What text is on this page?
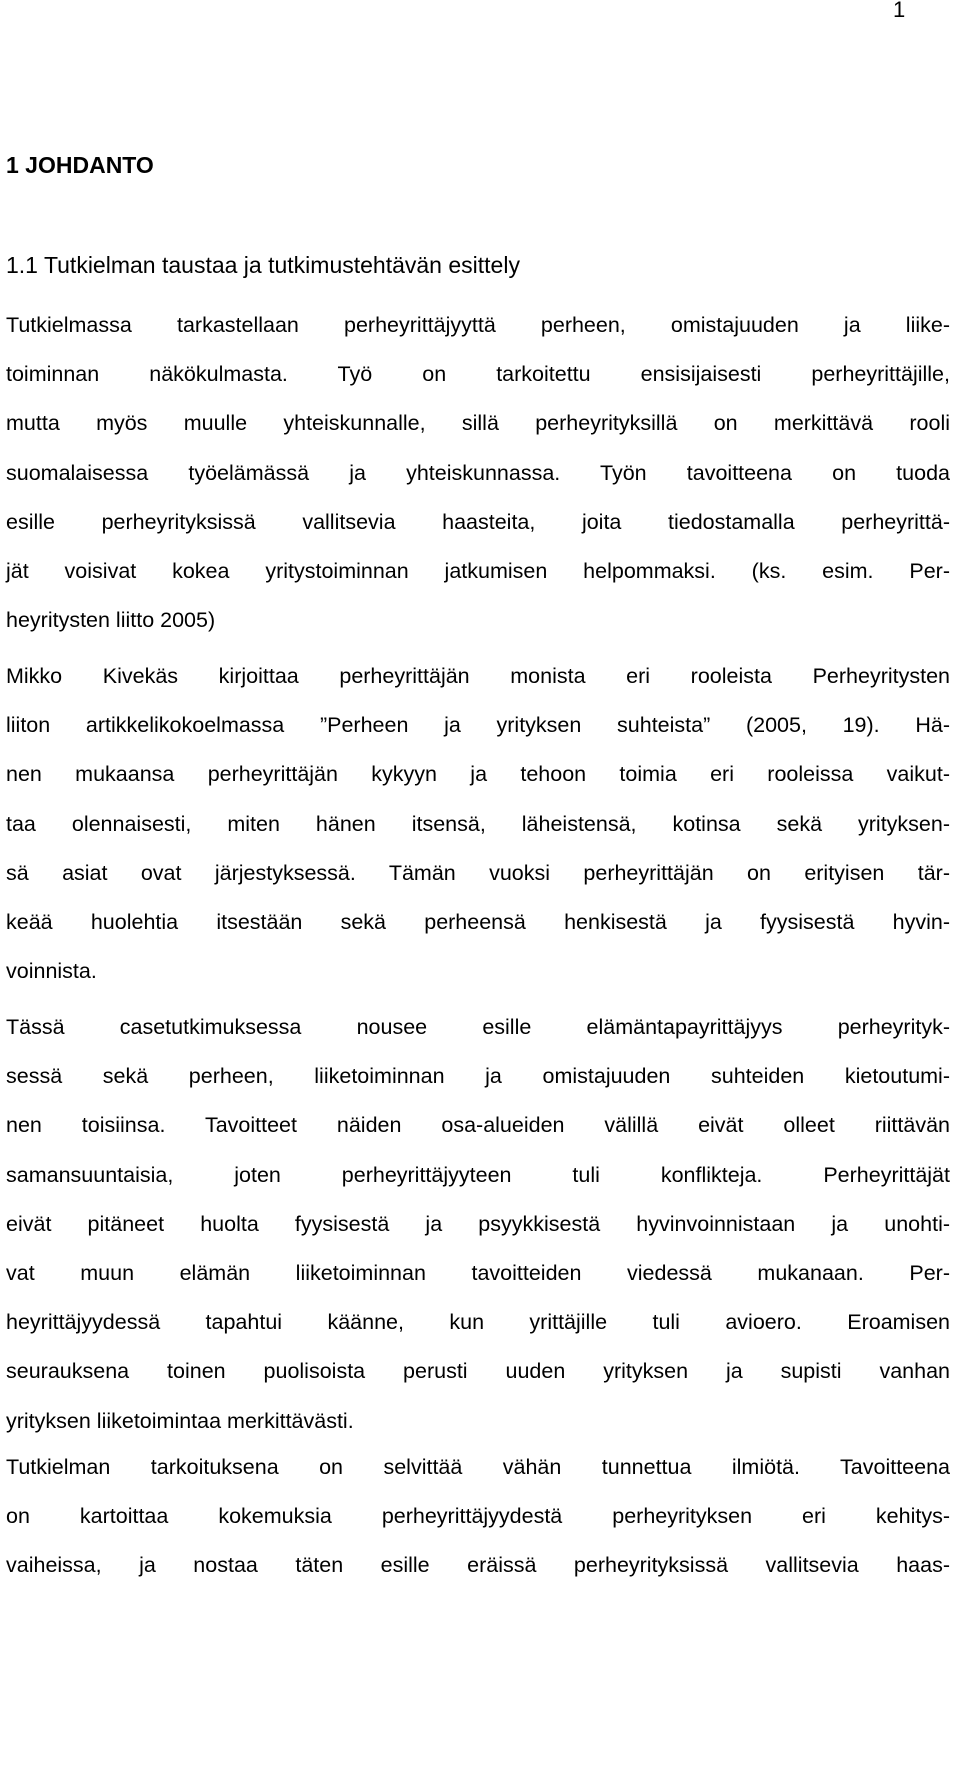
1
1 JOHDANTO
1.1 Tutkielman taustaa ja tutkimustehtävän esittely
Tutkielmassa tarkastellaan perheyrittäjyyttä perheen, omistajuuden ja liike-
toiminnan näkökulmasta. Työ on tarkoitettu ensisijaisesti perheyrittäjille,
mutta myös muulle yhteiskunnalle, sillä perheyrityksillä on merkittävä rooli
suomalaisessa työelämässä ja yhteiskunnassa. Työn tavoitteena on tuoda
esille perheyrityksissä vallitsevia haasteita, joita tiedostamalla perheyrittä-
jät voisivat kokea yritystoiminnan jatkumisen helpommaksi. (ks. esim. Per-
heyritysten liitto 2005)
Mikko Kivekäs kirjoittaa perheyrittäjän monista eri rooleista Perheyritysten
liiton artikkelikokoelmassa ”Perheen ja yrityksen suhteista” (2005, 19). Hä-
nen mukaansa perheyrittäjän kykyyn ja tehoon toimia eri rooleissa vaikut-
taa olennaisesti, miten hänen itsensä, läheistensä, kotinsa sekä yrityksen-
sä asiat ovat järjestyksessä. Tämän vuoksi perheyrittäjän on erityisen tär-
keää huolehtia itsestään sekä perheensä henkisestä ja fyysisestä hyvin-
voinnista.
Tässä casetutkimuksessa nousee esille elämäntapayrittäjyys perheyrityk-
sessä sekä perheen, liiketoiminnan ja omistajuuden suhteiden kietoutumi-
nen toisiinsa. Tavoitteet näiden osa-alueiden välillä eivät olleet riittävän
samansuuntaisia, joten perheyrittäjyyteen tuli konflikteja. Perheyrittäjät
eivät pitäneet huolta fyysisestä ja psyykkisestä hyvinvoinnistaan ja unohti-
vat muun elämän liiketoiminnan tavoitteiden viedessä mukanaan. Per-
heyrittäjyydessä tapahtui käänne, kun yrittäjille tuli avioero. Eroamisen
seurauksena toinen puolisoista perusti uuden yrityksen ja supisti vanhan
yrityksen liiketoimintaa merkittävästi.
Tutkielman tarkoituksena on selvittää vähän tunnettua ilmiötä. Tavoitteena
on kartoittaa kokemuksia perheyrittäjyydestä perheyrityksen eri kehitys-
vaiheissa, ja nostaa täten esille eräissä perheyrityksissä vallitsevia haas-
